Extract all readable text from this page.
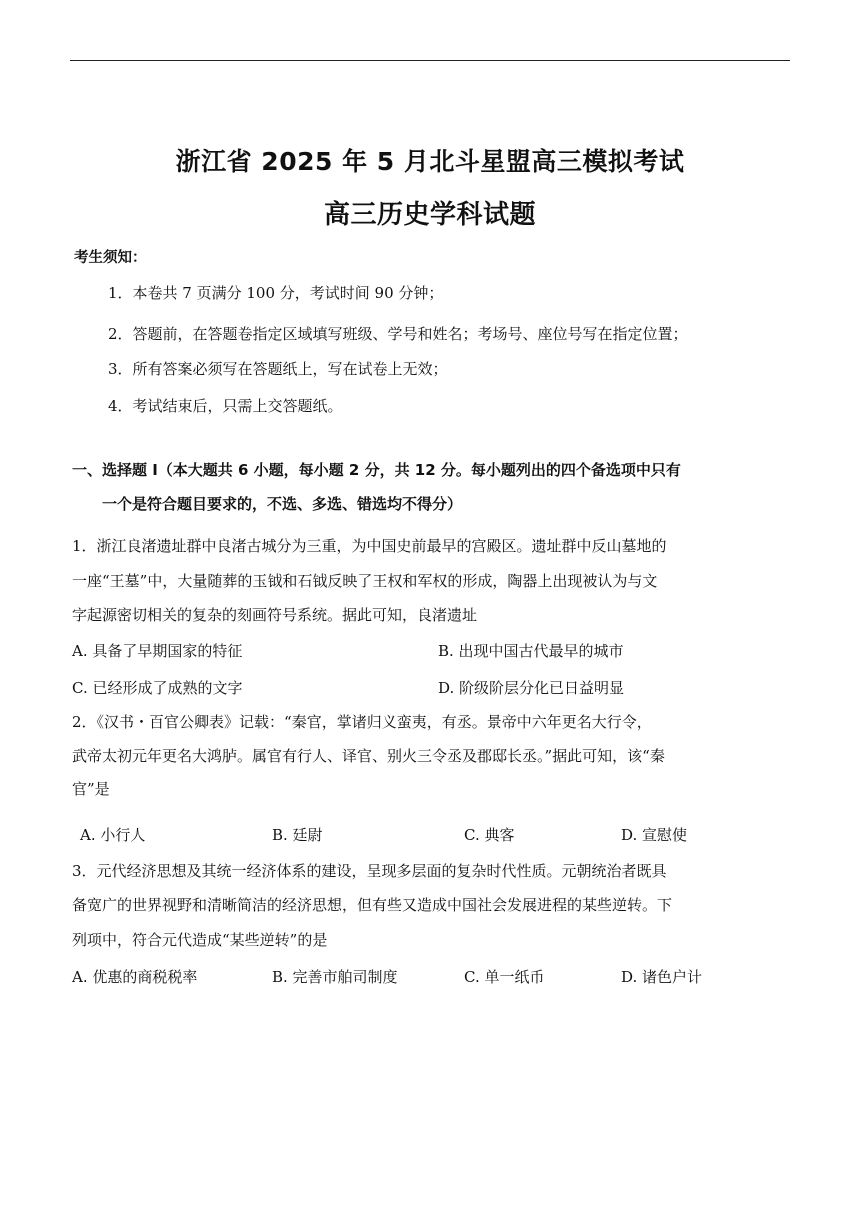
浙江省 2025 年 5 月北斗星盟高三模拟考试
高三历史学科试题
考生须知：
1．本卷共 7 页满分 100 分，考试时间 90 分钟；
2．答题前，在答题卷指定区域填写班级、学号和姓名；考场号、座位号写在指定位置；
3．所有答案必须写在答题纸上，写在试卷上无效；
4．考试结束后，只需上交答题纸。
一、选择题 I（本大题共 6 小题，每小题 2 分，共 12 分。每小题列出的四个备选项中只有
一个是符合题目要求的，不选、多选、错选均不得分）
1．浙江良渚遗址群中良渚古城分为三重，为中国史前最早的宫殿区。遗址群中反山墓地的
一座“王墓”中，大量随葬的玉钺和石钺反映了王权和军权的形成，陶器上出现被认为与文
字起源密切相关的复杂的刻画符号系统。据此可知，良渚遗址
A. 具备了早期国家的特征	B. 出现中国古代最早的城市
C. 已经形成了成熟的文字	D. 阶级阶层分化已日益明显
2．《汉书・百官公卿表》记载：“秦官，掌诸归义蛮夷，有丞。景帝中六年更名大行令，
武帝太初元年更名大鸿胪。属官有行人、译官、别火三令丞及郡邸长丞。”据此可知，该“秦
官”是
A. 小行人	B. 廷尉	C. 典客	D. 宣慰使
3．元代经济思想及其统一经济体系的建设，呈现多层面的复杂时代性质。元朝统治者既具
备宽广的世界视野和清晰简洁的经济思想，但有些又造成中国社会发展进程的某些逆转。下
列项中，符合元代造成“某些逆转”的是
A. 优惠的商税税率	B. 完善市舶司制度	C. 单一纸币	D. 诸色户计
